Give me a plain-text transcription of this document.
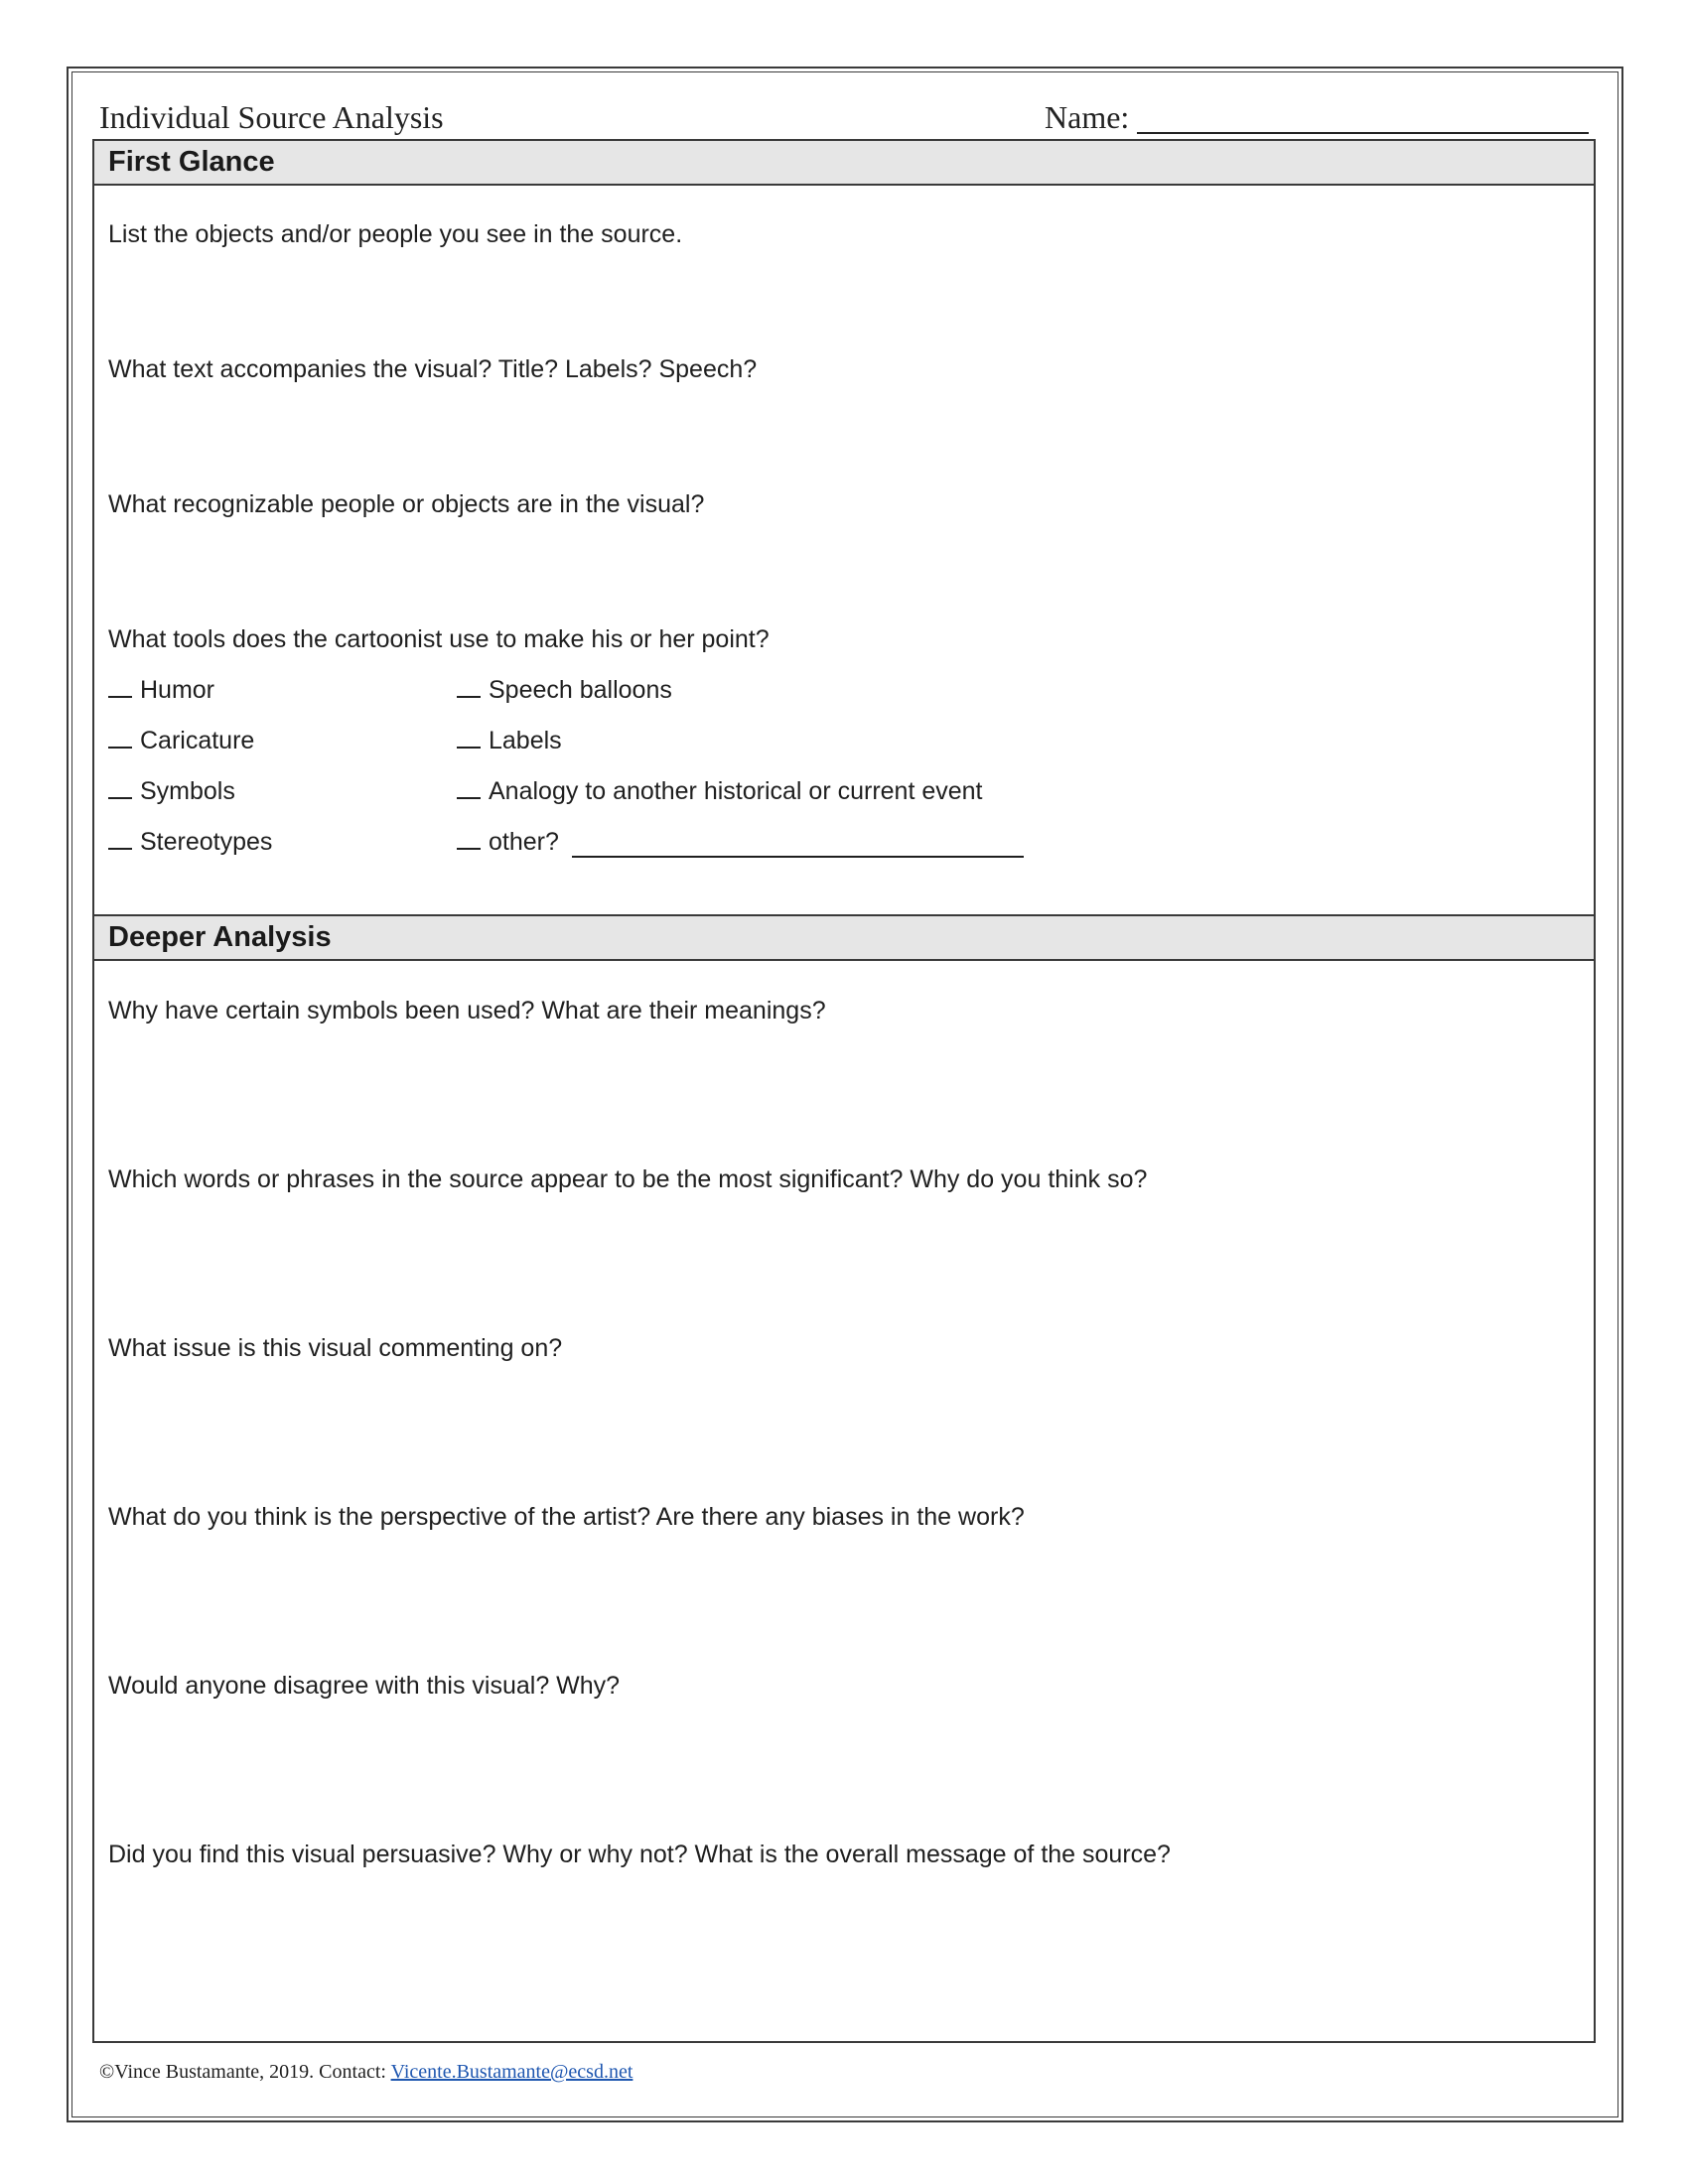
Individual Source Analysis	Name:
First Glance
List the objects and/or people you see in the source.
What text accompanies the visual? Title? Labels? Speech?
What recognizable people or objects are in the visual?
What tools does the cartoonist use to make his or her point?
Humor
Caricature
Symbols
Stereotypes
Speech balloons
Labels
Analogy to another historical or current event
other?
Deeper Analysis
Why have certain symbols been used? What are their meanings?
Which words or phrases in the source appear to be the most significant? Why do you think so?
What issue is this visual commenting on?
What do you think is the perspective of the artist? Are there any biases in the work?
Would anyone disagree with this visual? Why?
Did you find this visual persuasive? Why or why not? What is the overall message of the source?
©Vince Bustamante, 2019. Contact: Vicente.Bustamante@ecsd.net
